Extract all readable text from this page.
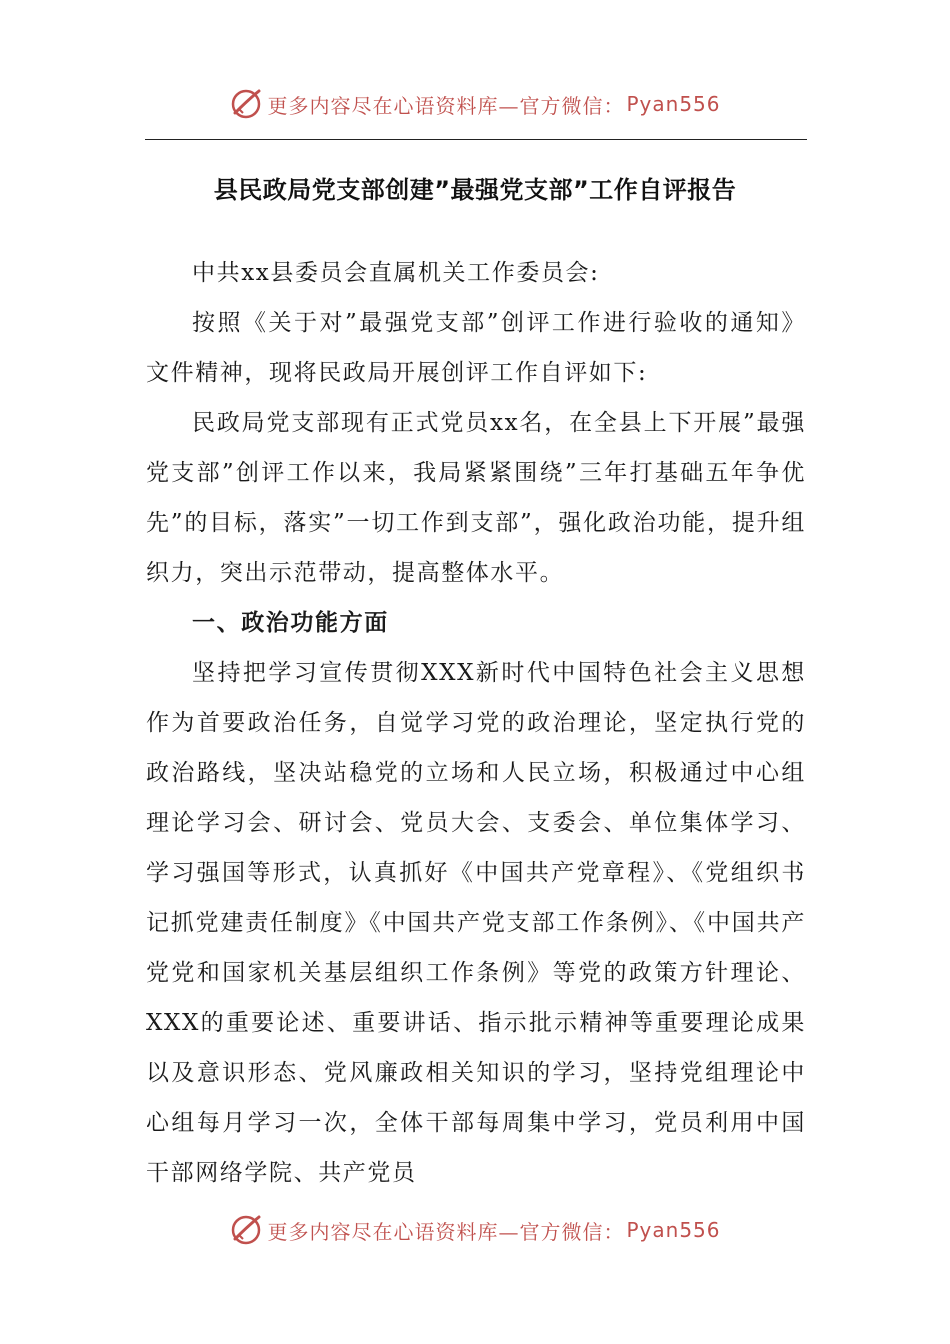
更多内容尽在心语资料库—官方微信： Pyan556
县民政局党支部创建”最强党支部”工作自评报告

中共xx县委员会直属机关工作委员会:

按照《关于对”最强党支部”创评工作进行验收的通知》文件精神，现将民政局开展创评工作自评如下:

民政局党支部现有正式党员xx名，在全县上下开展”最强党支部”创评工作以来，我局紧紧围绕”三年打基础五年争优先”的目标，落实”一切工作到支部”，强化政治功能，提升组织力，突出示范带动，提高整体水平。

一、政治功能方面

坚持把学习宣传贯彻XXX新时代中国特色社会主义思想作为首要政治任务，自觉学习党的政治理论，坚定执行党的政治路线，坚决站稳党的立场和人民立场，积极通过中心组理论学习会、研讨会、党员大会、支委会、单位集体学习、学习强国等形式，认真抓好《中国共产党章程》、《党组织书记抓党建责任制度》《中国共产党支部工作条例》、《中国共产党党和国家机关基层组织工作条例》等党的政策方针理论、XXX的重要论述、重要讲话、指示批示精神等重要理论成果以及意识形态、党风廉政相关知识的学习，坚持党组理论中心组每月学习一次，全体干部每周集中学习，党员利用中国干部网络学院、共产党员

更多内容尽在心语资料库—官方微信： Pyan556
